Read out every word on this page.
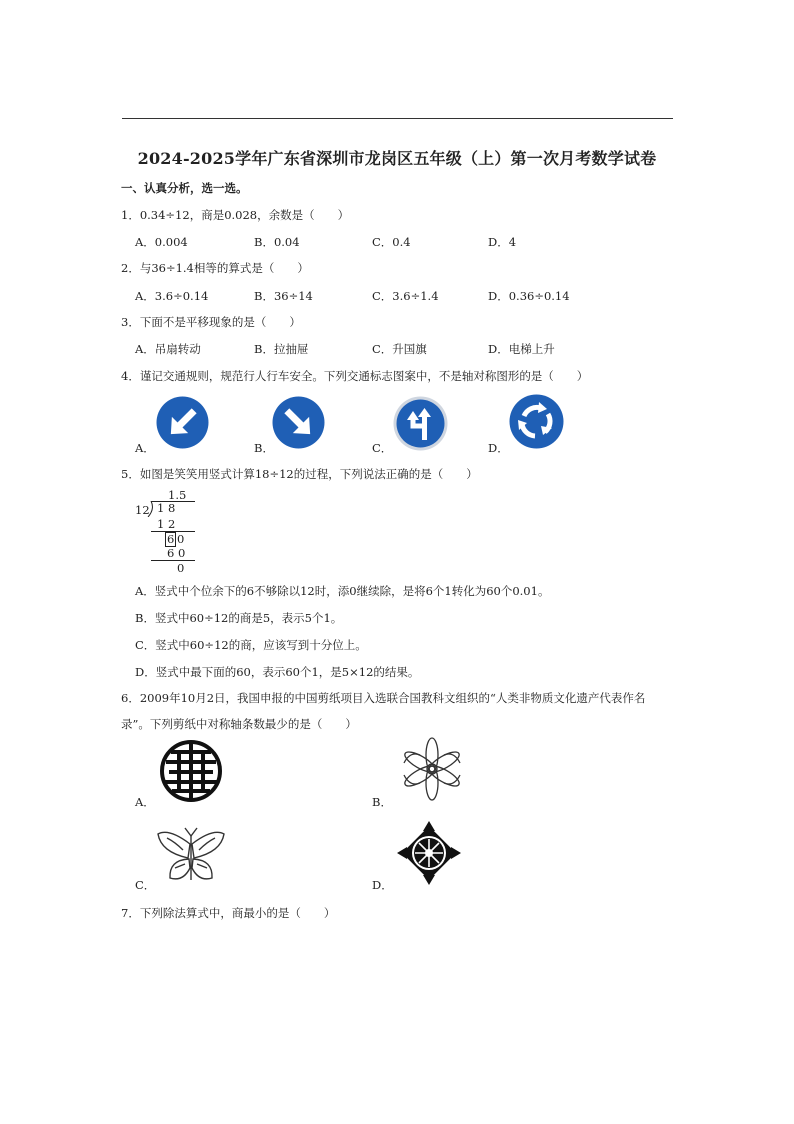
2024-2025学年广东省深圳市龙岗区五年级（上）第一次月考数学试卷
一、认真分析，选一选。
1．0.34÷12，商是0.028，余数是（　　）
A．0.004	B．0.04	C．0.4	D．4
2．与36÷1.4相等的算式是（　　）
A．3.6÷0.14	B．36÷14	C．3.6÷1.4	D．0.36÷0.14
3．下面不是平移现象的是（　　）
A．吊扇转动	B．拉抽屉	C．升国旗	D．电梯上升
4．谨记交通规则，规范行人行车安全。下列交通标志图案中，不是轴对称图形的是（　　）
A．	B．	C．	D．
5．如图是笑笑用竖式计算18÷12的过程，下列说法正确的是（　　）
1.5
12 1 8
1 2
6 0
6 0
0
A．竖式中个位余下的6不够除以12时，添0继续除，是将6个1转化为60个0.01。
B．竖式中60÷12的商是5，表示5个1。
C．竖式中60÷12的商，应该写到十分位上。
D．竖式中最下面的60，表示60个1，是5×12的结果。
6．2009年10月2日，我国申报的中国剪纸项目入选联合国教科文组织的“人类非物质文化遗产代表作名
录”。下列剪纸中对称轴条数最少的是（　　）
A．	B．
C．	D．
7．下列除法算式中，商最小的是（　　）
